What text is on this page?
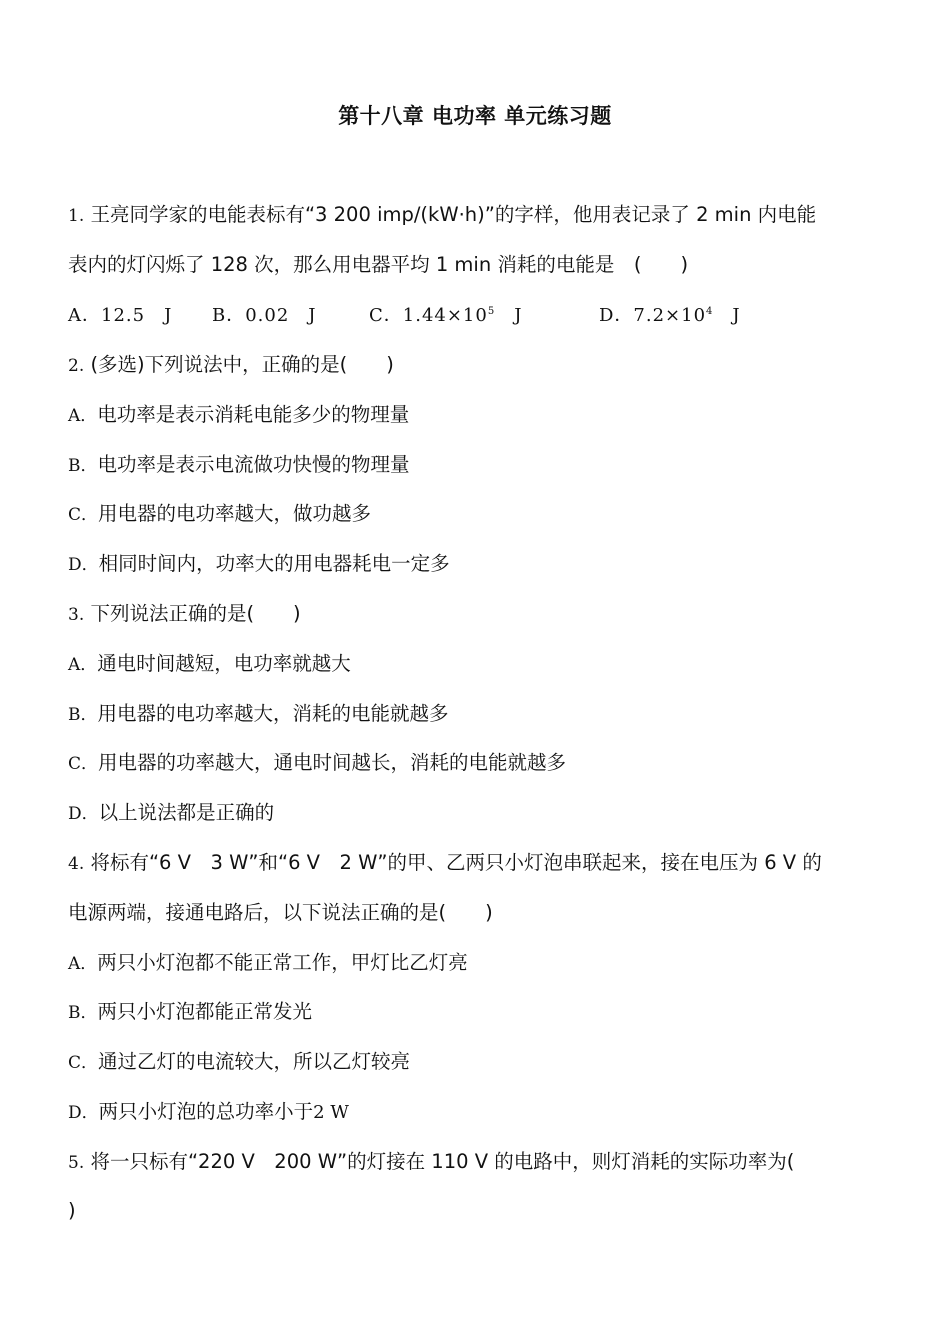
第十八章 电功率 单元练习题
1. 王亮同学家的电能表标有“3 200 imp/(kW·h)”的字样，他用表记录了 2 min 内电能
表内的灯闪烁了 128 次，那么用电器平均 1 min 消耗的电能是　(　　)
A．12.5　J B．0.02　J	C．$1.44\times 10^5$　J	D．$7.2\times 10^4$　J
2. (多选)下列说法中，正确的是(　　)
A．电功率是表示消耗电能多少的物理量
B．电功率是表示电流做功快慢的物理量
C．用电器的电功率越大，做功越多
D．相同时间内，功率大的用电器耗电一定多
3. 下列说法正确的是(　　)
A．通电时间越短，电功率就越大
B．用电器的电功率越大，消耗的电能就越多
C．用电器的功率越大，通电时间越长，消耗的电能就越多
D．以上说法都是正确的
4. 将标有“6 V　3 W”和“6 V　2 W”的甲、乙两只小灯泡串联起来，接在电压为 6 V 的
电源两端，接通电路后，以下说法正确的是(　　)
A．两只小灯泡都不能正常工作，甲灯比乙灯亮
B．两只小灯泡都能正常发光
C．通过乙灯的电流较大，所以乙灯较亮
D．两只小灯泡的总功率小于2 W
5. 将一只标有“220 V　200 W”的灯接在 110 V 的电路中，则灯消耗的实际功率为(
)
